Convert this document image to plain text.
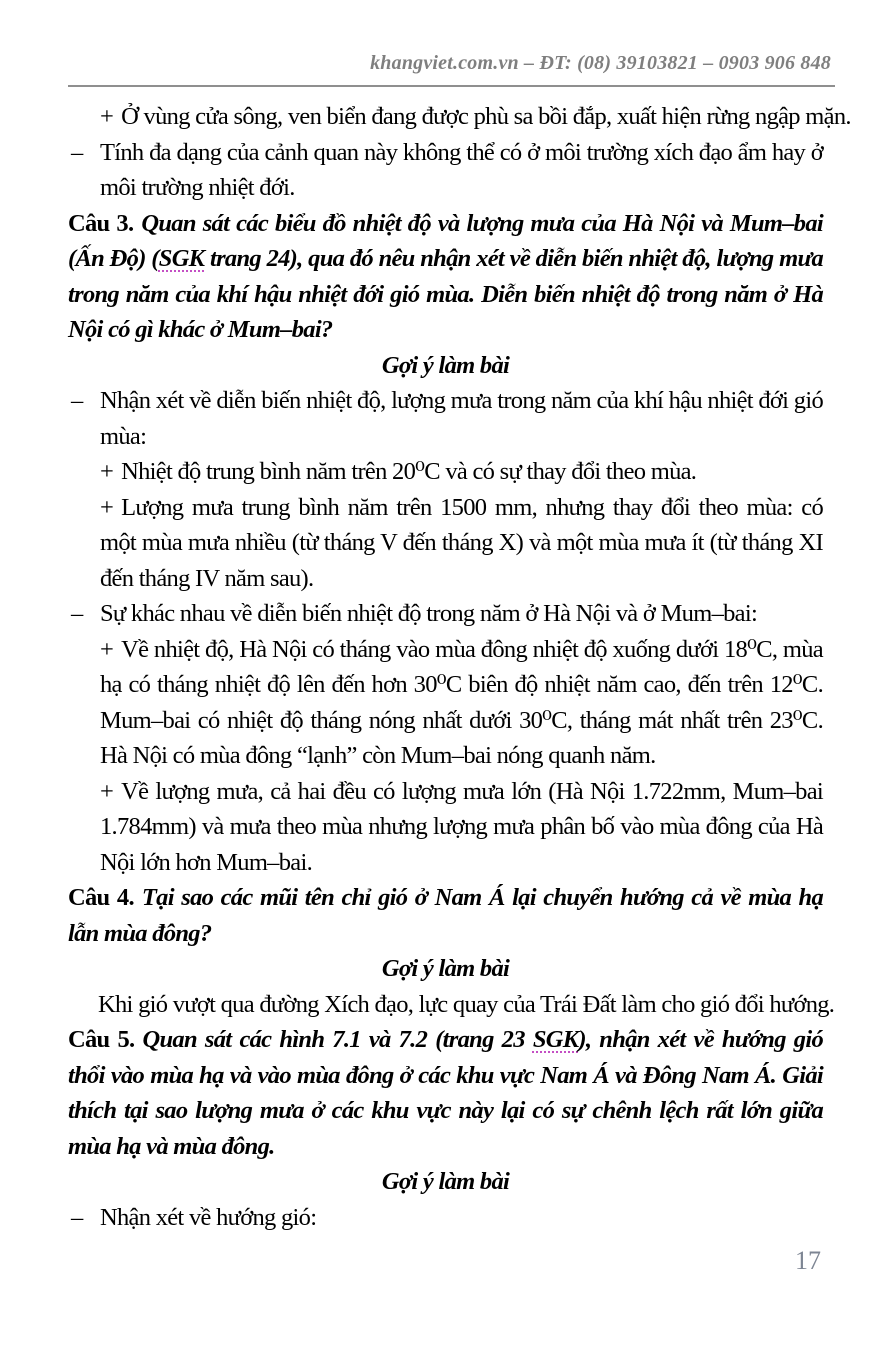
khangviet.com.vn – ĐT: (08) 39103821 – 0903 906 848

+ Ở vùng cửa sông, ven biển đang được phù sa bồi đắp, xuất hiện rừng ngập mặn.

– Tính đa dạng của cảnh quan này không thể có ở môi trường xích đạo ẩm hay ở môi trường nhiệt đới.

Câu 3. Quan sát các biểu đồ nhiệt độ và lượng mưa của Hà Nội và Mum–bai (Ấn Độ) (SGK trang 24), qua đó nêu nhận xét về diễn biến nhiệt độ, lượng mưa trong năm của khí hậu nhiệt đới gió mùa. Diễn biến nhiệt độ trong năm ở Hà Nội có gì khác ở Mum–bai?

Gợi ý làm bài

– Nhận xét về diễn biến nhiệt độ, lượng mưa trong năm của khí hậu nhiệt đới gió mùa:

+ Nhiệt độ trung bình năm trên 20⁰C và có sự thay đổi theo mùa.

+ Lượng mưa trung bình năm trên 1500 mm, nhưng thay đổi theo mùa: có một mùa mưa nhiều (từ tháng V đến tháng X) và một mùa mưa ít (từ tháng XI đến tháng IV năm sau).

– Sự khác nhau về diễn biến nhiệt độ trong năm ở Hà Nội và ở Mum–bai:

+ Về nhiệt độ, Hà Nội có tháng vào mùa đông nhiệt độ xuống dưới 18⁰C, mùa hạ có tháng nhiệt độ lên đến hơn 30⁰C biên độ nhiệt năm cao, đến trên 12⁰C. Mum–bai có nhiệt độ tháng nóng nhất dưới 30⁰C, tháng mát nhất trên 23⁰C. Hà Nội có mùa đông “lạnh” còn Mum–bai nóng quanh năm.

+ Về lượng mưa, cả hai đều có lượng mưa lớn (Hà Nội 1.722mm, Mum–bai 1.784mm) và mưa theo mùa nhưng lượng mưa phân bố vào mùa đông của Hà Nội lớn hơn Mum–bai.

Câu 4. Tại sao các mũi tên chỉ gió ở Nam Á lại chuyển hướng cả về mùa hạ lẫn mùa đông?

Gợi ý làm bài

Khi gió vượt qua đường Xích đạo, lực quay của Trái Đất làm cho gió đổi hướng.

Câu 5. Quan sát các hình 7.1 và 7.2 (trang 23 SGK), nhận xét về hướng gió thổi vào mùa hạ và vào mùa đông ở các khu vực Nam Á và Đông Nam Á. Giải thích tại sao lượng mưa ở các khu vực này lại có sự chênh lệch rất lớn giữa mùa hạ và mùa đông.

Gợi ý làm bài

– Nhận xét về hướng gió:

17
